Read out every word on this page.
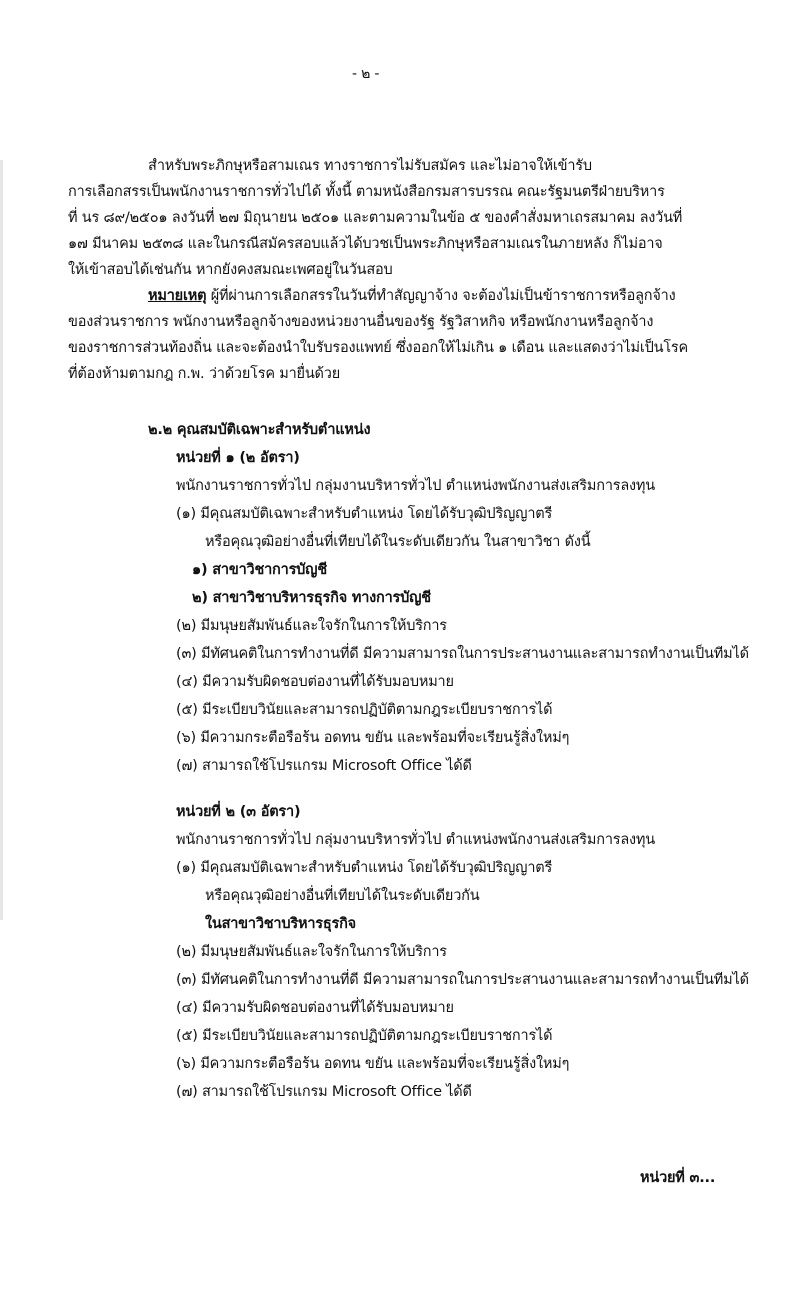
- ๒ -

สำหรับพระภิกษุหรือสามเณร ทางราชการไม่รับสมัคร และไม่อาจให้เข้ารับ

การเลือกสรรเป็นพนักงานราชการทั่วไปได้ ทั้งนี้ ตามหนังสือกรมสารบรรณ คณะรัฐมนตรีฝ่ายบริหาร

ที่ นร ๘๙/๒๕๐๑ ลงวันที่ ๒๗ มิถุนายน ๒๕๐๑ และตามความในข้อ ๕ ของคำสั่งมหาเถรสมาคม ลงวันที่

๑๗ มีนาคม ๒๕๓๘ และในกรณีสมัครสอบแล้วได้บวชเป็นพระภิกษุหรือสามเณรในภายหลัง ก็ไม่อาจ

ให้เข้าสอบได้เช่นกัน หากยังคงสมณะเพศอยู่ในวันสอบ

หมายเหตุ ผู้ที่ผ่านการเลือกสรรในวันที่ทำสัญญาจ้าง จะต้องไม่เป็นข้าราชการหรือลูกจ้าง

ของส่วนราชการ พนักงานหรือลูกจ้างของหน่วยงานอื่นของรัฐ รัฐวิสาหกิจ หรือพนักงานหรือลูกจ้าง

ของราชการส่วนท้องถิ่น และจะต้องนำใบรับรองแพทย์ ซึ่งออกให้ไม่เกิน ๑ เดือน และแสดงว่าไม่เป็นโรค

ที่ต้องห้ามตามกฎ ก.พ. ว่าด้วยโรค มายื่นด้วย

๒.๒ คุณสมบัติเฉพาะสำหรับตำแหน่ง

หน่วยที่ ๑ (๒ อัตรา)

พนักงานราชการทั่วไป กลุ่มงานบริหารทั่วไป ตำแหน่งพนักงานส่งเสริมการลงทุน

(๑) มีคุณสมบัติเฉพาะสำหรับตำแหน่ง โดยได้รับวุฒิปริญญาตรี

หรือคุณวุฒิอย่างอื่นที่เทียบได้ในระดับเดียวกัน ในสาขาวิชา ดังนี้

๑) สาขาวิชาการบัญชี

๒) สาขาวิชาบริหารธุรกิจ ทางการบัญชี

(๒) มีมนุษยสัมพันธ์และใจรักในการให้บริการ

(๓) มีทัศนคติในการทำงานที่ดี มีความสามารถในการประสานงานและสามารถทำงานเป็นทีมได้

(๔) มีความรับผิดชอบต่องานที่ได้รับมอบหมาย

(๕) มีระเบียบวินัยและสามารถปฏิบัติตามกฎระเบียบราชการได้

(๖) มีความกระตือรือร้น อดทน ขยัน และพร้อมที่จะเรียนรู้สิ่งใหม่ๆ

(๗) สามารถใช้โปรแกรม Microsoft Office ได้ดี

หน่วยที่ ๒ (๓ อัตรา)

พนักงานราชการทั่วไป กลุ่มงานบริหารทั่วไป ตำแหน่งพนักงานส่งเสริมการลงทุน

(๑) มีคุณสมบัติเฉพาะสำหรับตำแหน่ง โดยได้รับวุฒิปริญญาตรี

หรือคุณวุฒิอย่างอื่นที่เทียบได้ในระดับเดียวกัน

ในสาขาวิชาบริหารธุรกิจ

(๒) มีมนุษยสัมพันธ์และใจรักในการให้บริการ

(๓) มีทัศนคติในการทำงานที่ดี มีความสามารถในการประสานงานและสามารถทำงานเป็นทีมได้

(๔) มีความรับผิดชอบต่องานที่ได้รับมอบหมาย

(๕) มีระเบียบวินัยและสามารถปฏิบัติตามกฎระเบียบราชการได้

(๖) มีความกระตือรือร้น อดทน ขยัน และพร้อมที่จะเรียนรู้สิ่งใหม่ๆ

(๗) สามารถใช้โปรแกรม Microsoft Office ได้ดี

หน่วยที่ ๓...
